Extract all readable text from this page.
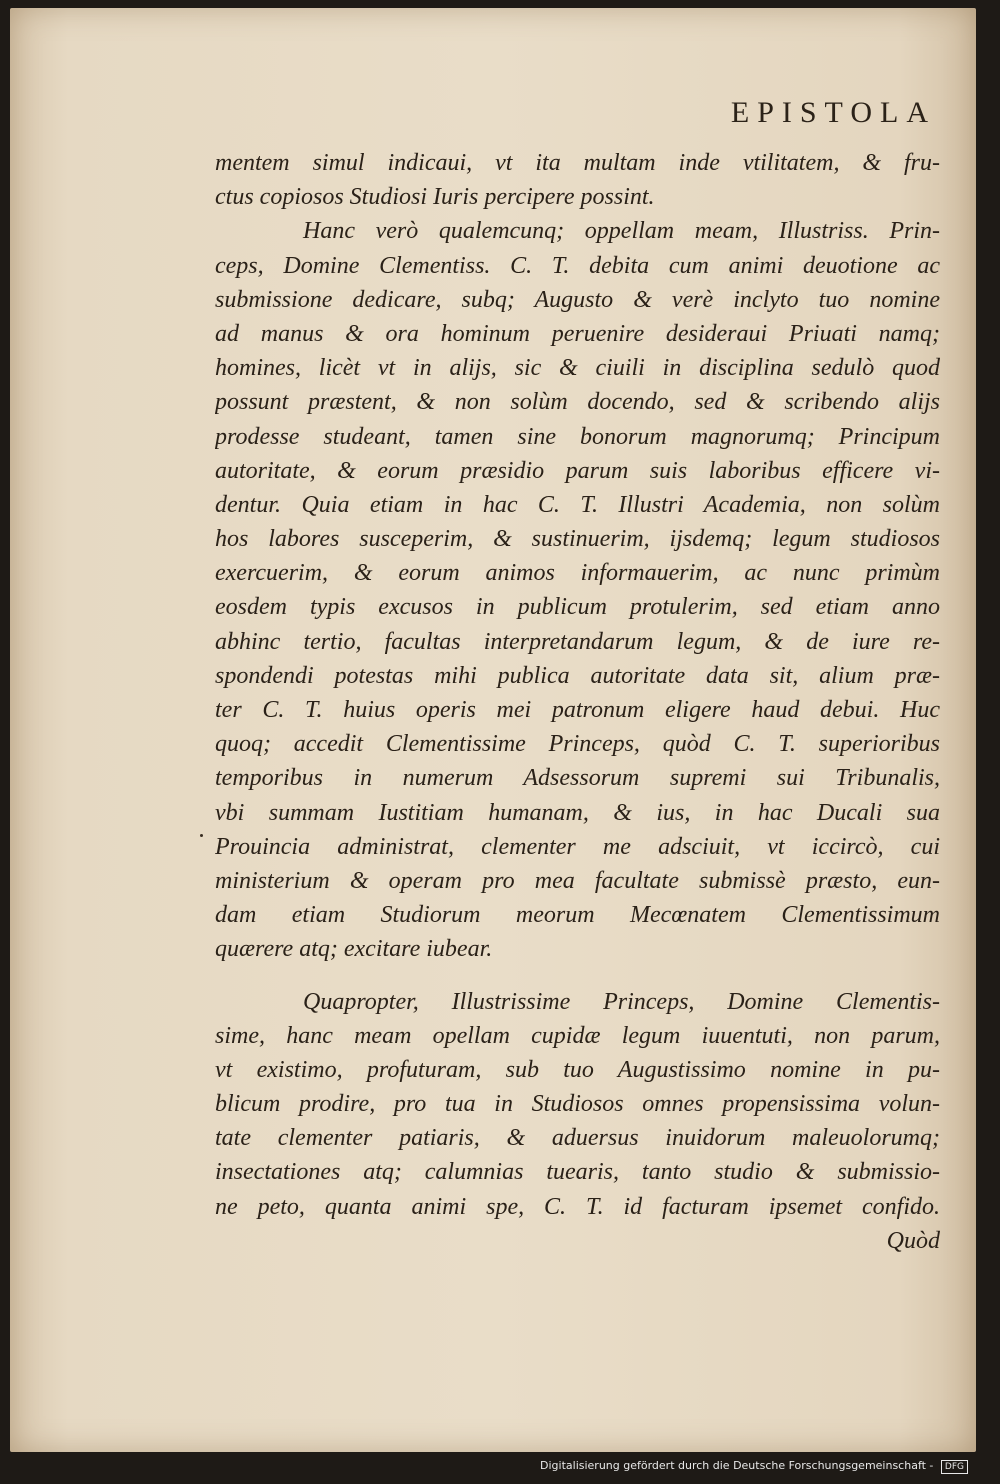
EPISTOLA
mentem simul indicaui, vt ita multam inde vtilitatem, & fru-
ctus copiosos Studiosi Iuris percipere possint.
Hanc verò qualemcunq; oppellam meam, Illustriss. Prin-
ceps, Domine Clementiss. C. T. debita cum animi deuotione ac
submissione dedicare, subq; Augusto & verè inclyto tuo nomine
ad manus & ora hominum peruenire desideraui Priuati namq;
homines, licèt vt in alijs, sic & ciuili in disciplina sedulò quod
possunt præstent, & non solùm docendo, sed & scribendo alijs
prodesse studeant, tamen sine bonorum magnorumq; Principum
autoritate, & eorum præsidio parum suis laboribus efficere vi-
dentur. Quia etiam in hac C. T. Illustri Academia, non solùm
hos labores susceperim, & sustinuerim, ijsdemq; legum studiosos
exercuerim, & eorum animos informauerim, ac nunc primùm
eosdem typis excusos in publicum protulerim, sed etiam anno
abhinc tertio, facultas interpretandarum legum, & de iure re-
spondendi potestas mihi publica autoritate data sit, alium præ-
ter C. T. huius operis mei patronum eligere haud debui. Huc
quoq; accedit Clementissime Princeps, quòd C. T. superioribus
temporibus in numerum Adsessorum supremi sui Tribunalis,
vbi summam Iustitiam humanam, & ius, in hac Ducali sua
Prouincia administrat, clementer me adsciuit, vt iccircò, cui
ministerium & operam pro mea facultate submissè præsto, eun-
dam etiam Studiorum meorum Mecœnatem Clementissimum
quærere atq; excitare iubear.
Quapropter, Illustrissime Princeps, Domine Clementis-
sime, hanc meam opellam cupidæ legum iuuentuti, non parum,
vt existimo, profuturam, sub tuo Augustissimo nomine in pu-
blicum prodire, pro tua in Studiosos omnes propensissima volun-
tate clementer patiaris, & aduersus inuidorum maleuolorumq;
insectationes atq; calumnias tuearis, tanto studio & submissio-
ne peto, quanta animi spe, C. T. id facturam ipsemet confido.
Quòd
Digitalisierung gefördert durch die Deutsche Forschungsgemeinschaft - DFG
